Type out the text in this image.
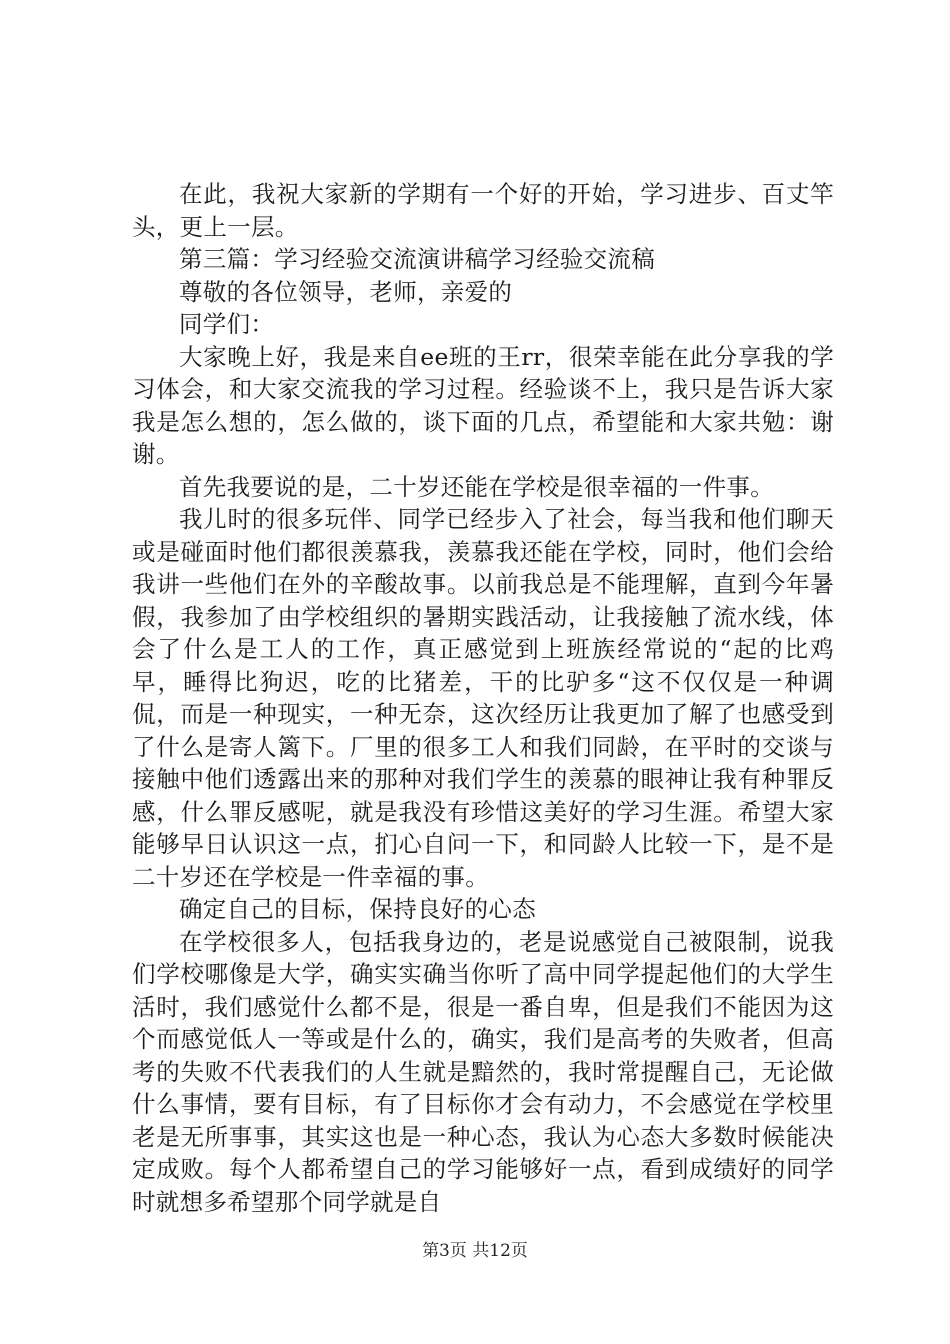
在此，我祝大家新的学期有一个好的开始，学习进步、百丈竿头，更上一层。

第三篇：学习经验交流演讲稿学习经验交流稿

尊敬的各位领导，老师，亲爱的

同学们：

大家晚上好，我是来自ee班的王rr，很荣幸能在此分享我的学习体会，和大家交流我的学习过程。经验谈不上，我只是告诉大家我是怎么想的，怎么做的，谈下面的几点，希望能和大家共勉：谢谢。

首先我要说的是，二十岁还能在学校是很幸福的一件事。

我儿时的很多玩伴、同学已经步入了社会，每当我和他们聊天或是碰面时他们都很羡慕我，羡慕我还能在学校，同时，他们会给我讲一些他们在外的辛酸故事。以前我总是不能理解，直到今年暑假，我参加了由学校组织的暑期实践活动，让我接触了流水线，体会了什么是工人的工作，真正感觉到上班族经常说的“起的比鸡早，睡得比狗迟，吃的比猪差，干的比驴多“这不仅仅是一种调侃，而是一种现实，一种无奈，这次经历让我更加了解了也感受到了什么是寄人篱下。厂里的很多工人和我们同龄，在平时的交谈与接触中他们透露出来的那种对我们学生的羡慕的眼神让我有种罪反感，什么罪反感呢，就是我没有珍惜这美好的学习生涯。希望大家能够早日认识这一点，扪心自问一下，和同龄人比较一下，是不是二十岁还在学校是一件幸福的事。

确定自己的目标，保持良好的心态

在学校很多人，包括我身边的，老是说感觉自己被限制，说我们学校哪像是大学，确实实确当你听了高中同学提起他们的大学生活时，我们感觉什么都不是，很是一番自卑，但是我们不能因为这个而感觉低人一等或是什么的，确实，我们是高考的失败者，但高考的失败不代表我们的人生就是黯然的，我时常提醒自己，无论做什么事情，要有目标，有了目标你才会有动力，不会感觉在学校里老是无所事事，其实这也是一种心态，我认为心态大多数时候能决定成败。每个人都希望自己的学习能够好一点，看到成绩好的同学时就想多希望那个同学就是自

第3页 共12页
